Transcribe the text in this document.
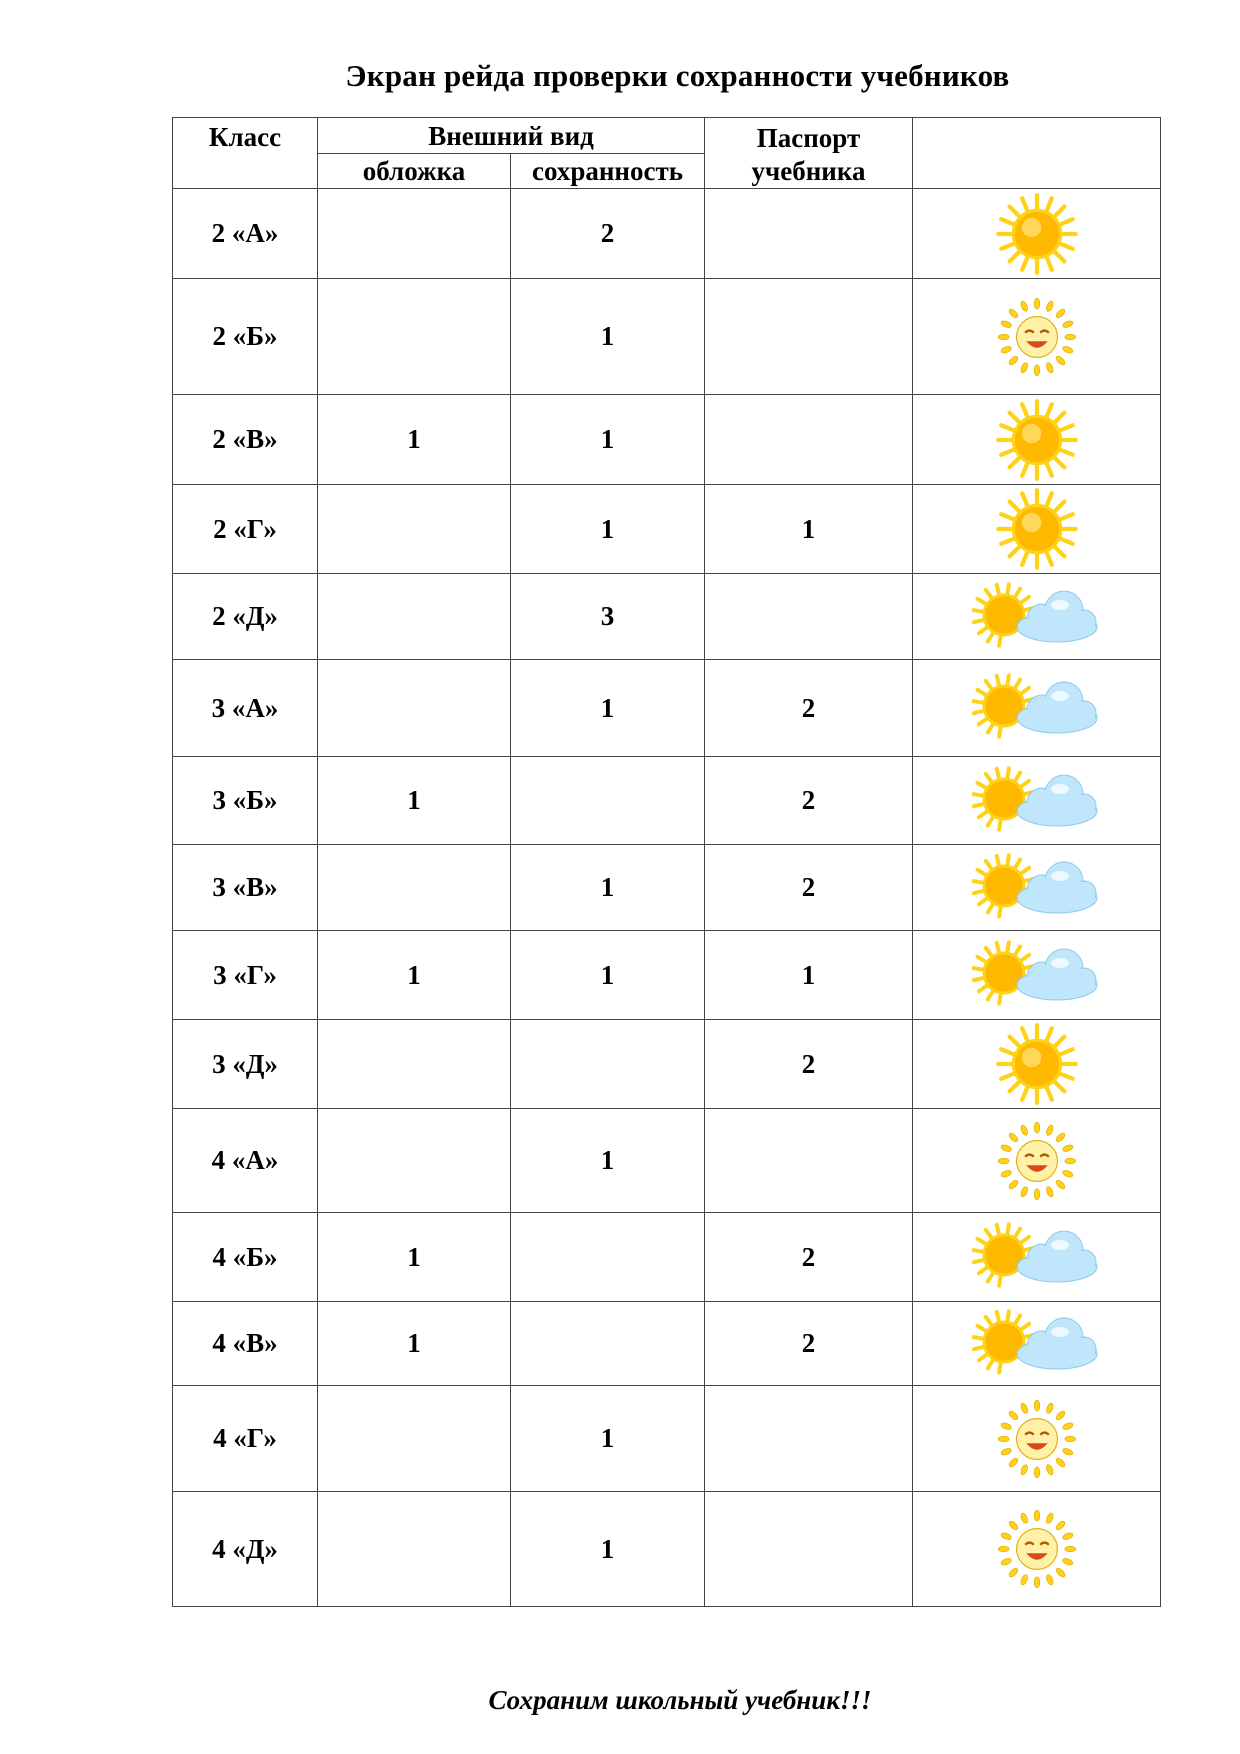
Экран рейда проверки сохранности учебников
Класс	Внешний вид		Паспорт учебника	
	обложка	сохранность		
2 «А»		2		

2 «Б»		1		

2 «В»	1	1		

2 «Г»		1	1	

2 «Д»		3		

3 «А»		1	2	

3 «Б»	1		2	

3 «В»		1	2	

3 «Г»	1	1	1	

3 «Д»			2	

4 «А»		1		

4 «Б»	1		2	

4 «В»	1		2	

4 «Г»		1		

4 «Д»		1		
Сохраним школьный учебник!!!
